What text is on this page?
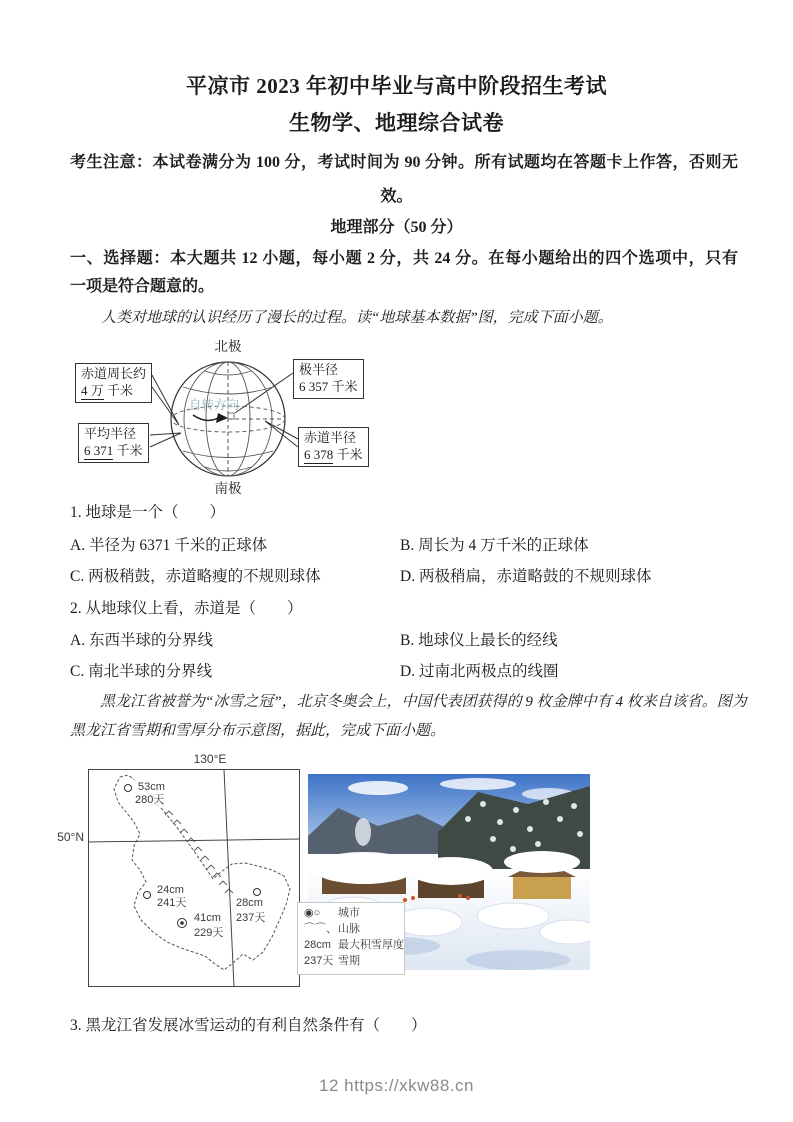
平凉市 2023 年初中毕业与高中阶段招生考试
生物学、地理综合试卷
考生注意：本试卷满分为 100 分，考试时间为 90 分钟。所有试题均在答题卡上作答，否则无
效。
地理部分（50 分）
一、选择题：本大题共 12 小题，每小题 2 分，共 24 分。在每小题给出的四个选项中，只有
一项是符合题意的。
人类对地球的认识经历了漫长的过程。读“地球基本数据”图，完成下面小题。
北极
南极
自转方向
赤道周长约
4 万 千米
平均半径
6 371 千米
极半径
6 357 千米
赤道半径
6 378 千米
1. 地球是一个（　　）
A. 半径为 6371 千米的正球体	B. 周长为 4 万千米的正球体
C. 两极稍鼓，赤道略瘦的不规则球体	D. 两极稍扁，赤道略鼓的不规则球体
2. 从地球仪上看，赤道是（　　）
A. 东西半球的分界线	B. 地球仪上最长的经线
C. 南北半球的分界线	D. 过南北两极点的线圈
黑龙江省被誉为“冰雪之冠”，北京冬奥会上，中国代表团获得的 9 枚金牌中有 4 枚来自该省。图为
黑龙江省雪期和雪厚分布示意图，据此，完成下面小题。
130°E
50°N
53cm
280天
24cm
241天
41cm
229天
28cm
237天	◉○ 城市
⌒⌒、山脉
28cm 最大积雪厚度
237天 雪期
3. 黑龙江省发展冰雪运动的有利自然条件有（　　）
12 https://xkw88.cn
